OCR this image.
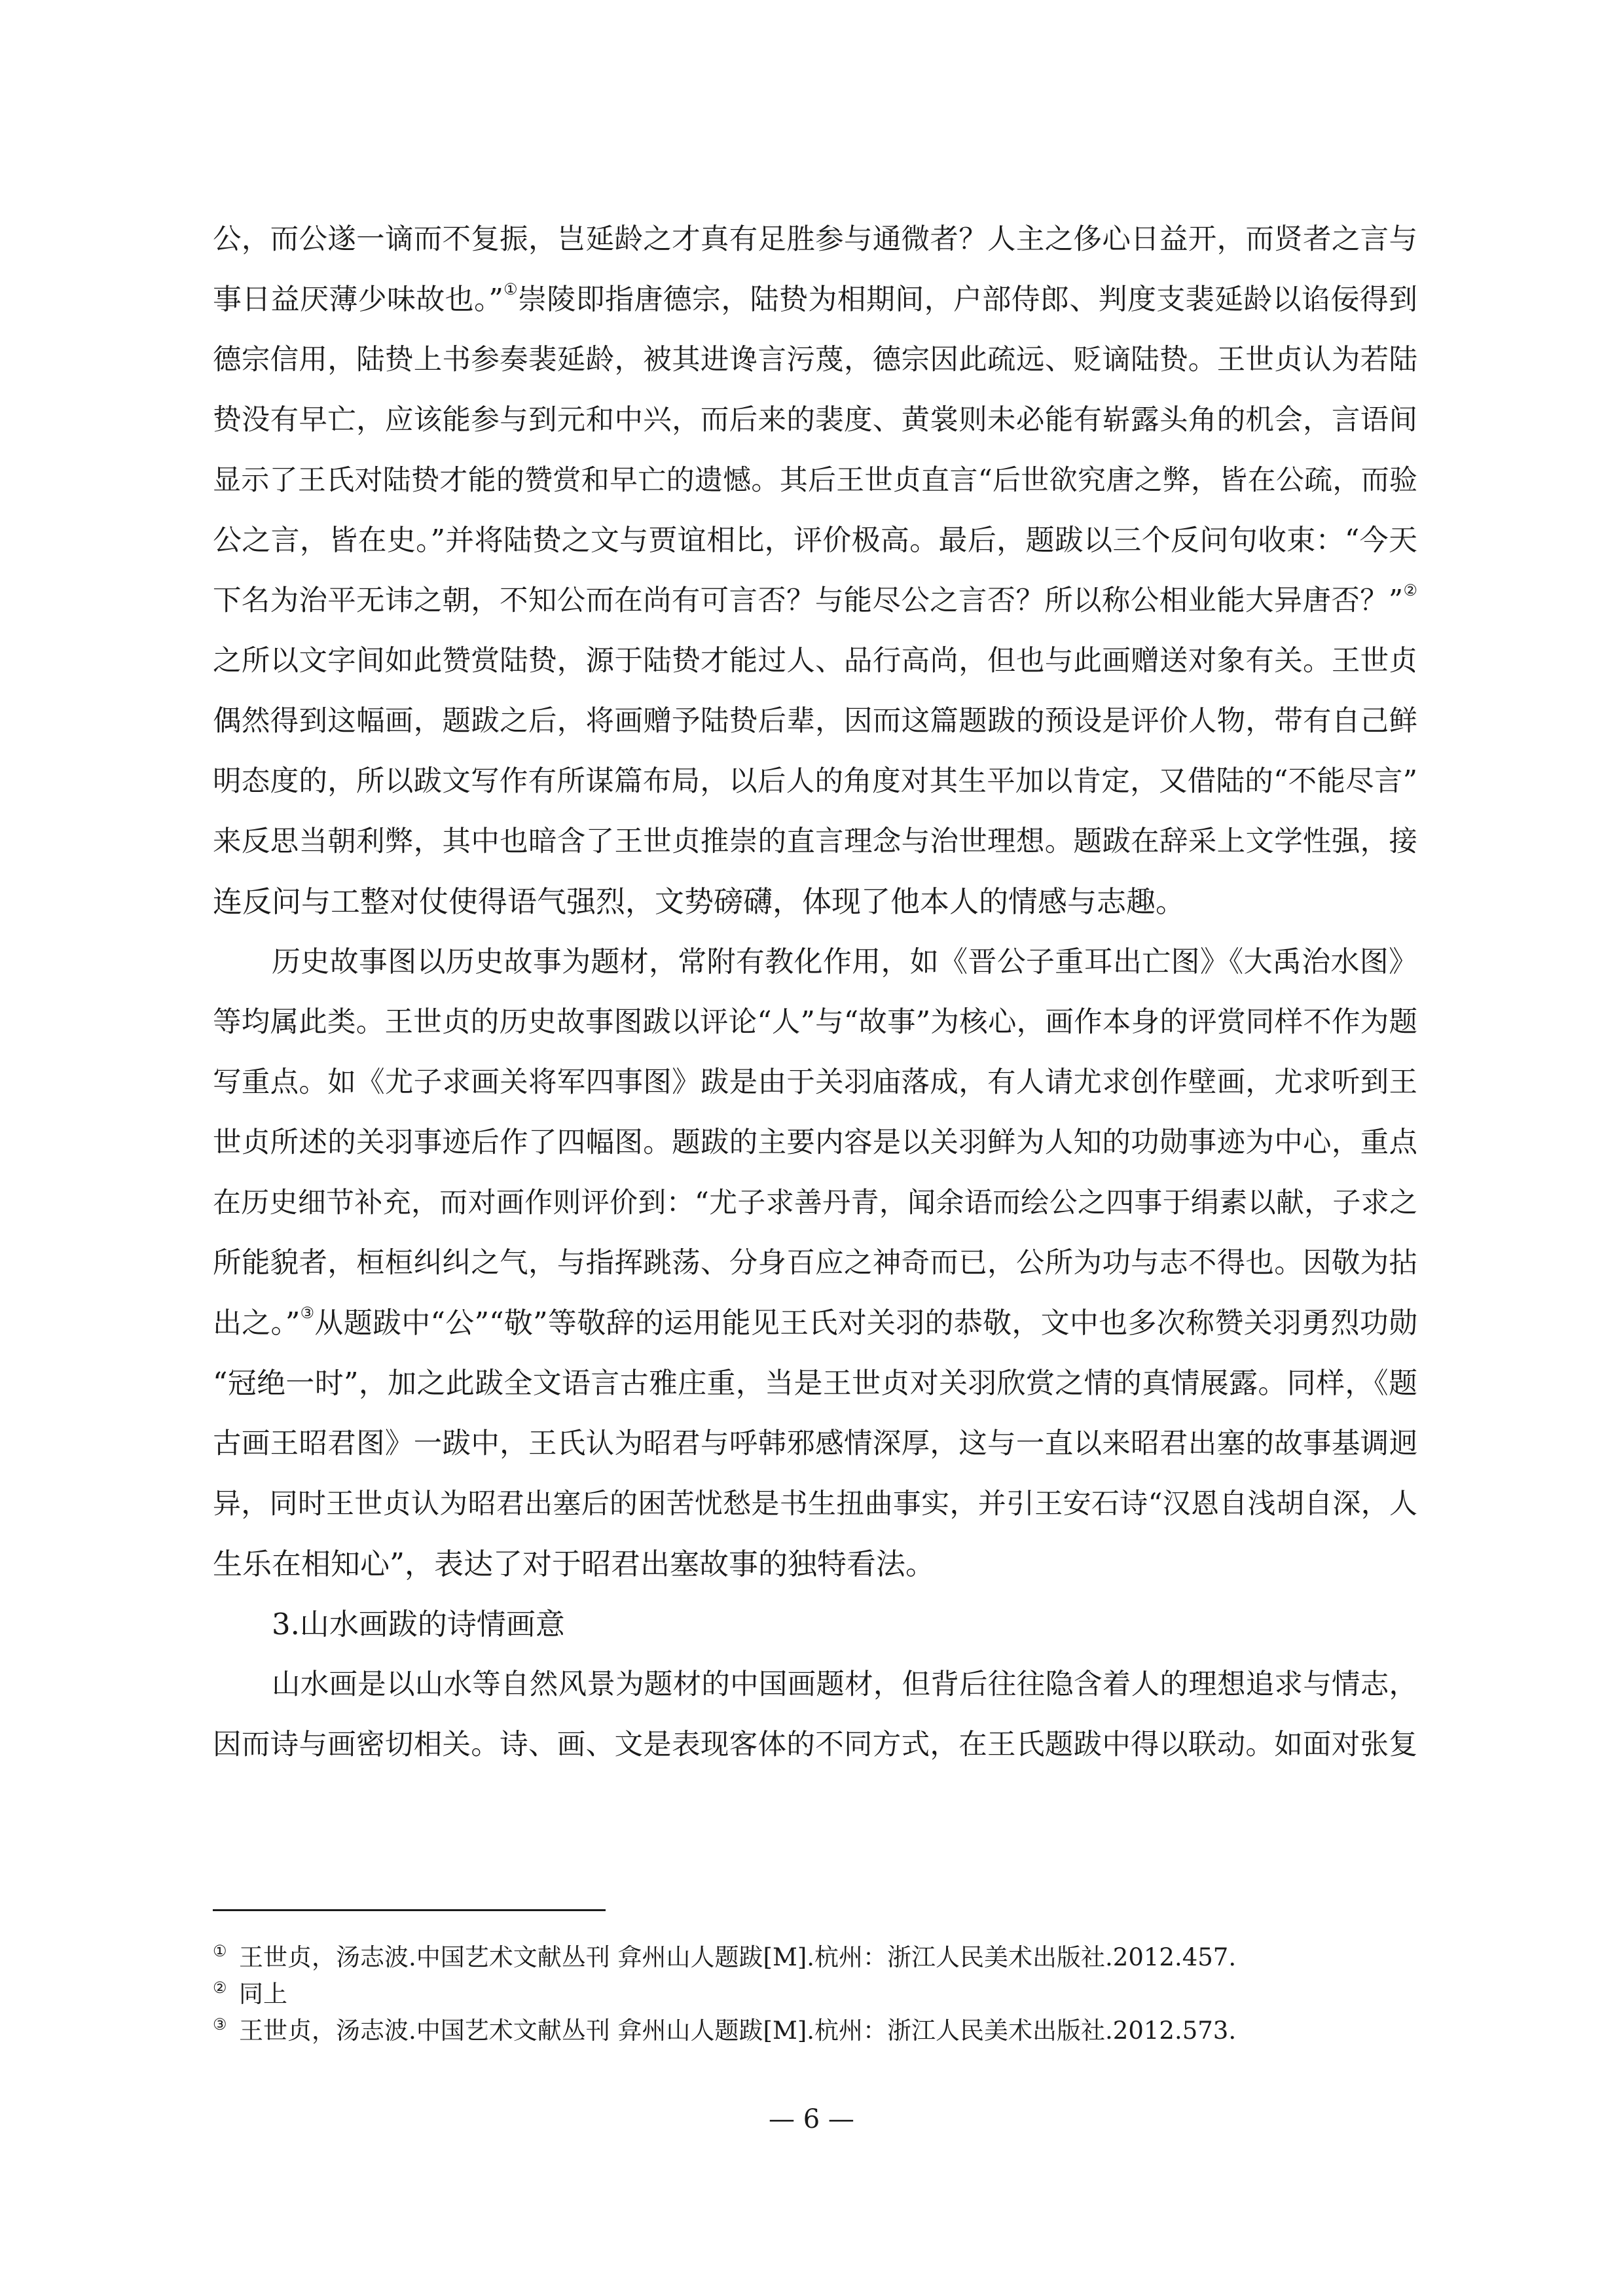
公，而公遂一谪而不复振，岂延龄之才真有足胜参与通微者？人主之侈心日益开，而贤者之言与
事日益厌薄少味故也。”①崇陵即指唐德宗，陆贽为相期间，户部侍郎、判度支裴延龄以谄佞得到
德宗信用，陆贽上书参奏裴延龄，被其进谗言污蔑，德宗因此疏远、贬谪陆贽。王世贞认为若陆
贽没有早亡，应该能参与到元和中兴，而后来的裴度、黄裳则未必能有崭露头角的机会，言语间
显示了王氏对陆贽才能的赞赏和早亡的遗憾。其后王世贞直言“后世欲究唐之弊，皆在公疏，而验
公之言，皆在史。”并将陆贽之文与贾谊相比，评价极高。最后，题跋以三个反问句收束：“今天
下名为治平无讳之朝，不知公而在尚有可言否？与能尽公之言否？所以称公相业能大异唐否？”②
之所以文字间如此赞赏陆贽，源于陆贽才能过人、品行高尚，但也与此画赠送对象有关。王世贞
偶然得到这幅画，题跋之后，将画赠予陆贽后辈，因而这篇题跋的预设是评价人物，带有自己鲜
明态度的，所以跋文写作有所谋篇布局，以后人的角度对其生平加以肯定，又借陆的“不能尽言”
来反思当朝利弊，其中也暗含了王世贞推崇的直言理念与治世理想。题跋在辞采上文学性强，接
连反问与工整对仗使得语气强烈，文势磅礴，体现了他本人的情感与志趣。
历史故事图以历史故事为题材，常附有教化作用，如《晋公子重耳出亡图》《大禹治水图》
等均属此类。王世贞的历史故事图跋以评论“人”与“故事”为核心，画作本身的评赏同样不作为题
写重点。如《尤子求画关将军四事图》跋是由于关羽庙落成，有人请尤求创作壁画，尤求听到王
世贞所述的关羽事迹后作了四幅图。题跋的主要内容是以关羽鲜为人知的功勋事迹为中心，重点
在历史细节补充，而对画作则评价到：“尤子求善丹青，闻余语而绘公之四事于绢素以献，子求之
所能貌者，桓桓纠纠之气，与指挥跳荡、分身百应之神奇而已，公所为功与志不得也。因敬为拈
出之。”③从题跋中“公”“敬”等敬辞的运用能见王氏对关羽的恭敬，文中也多次称赞关羽勇烈功勋
“冠绝一时”，加之此跋全文语言古雅庄重，当是王世贞对关羽欣赏之情的真情展露。同样，《题
古画王昭君图》一跋中，王氏认为昭君与呼韩邪感情深厚，这与一直以来昭君出塞的故事基调迥
异，同时王世贞认为昭君出塞后的困苦忧愁是书生扭曲事实，并引王安石诗“汉恩自浅胡自深，人
生乐在相知心”，表达了对于昭君出塞故事的独特看法。
3.山水画跋的诗情画意
山水画是以山水等自然风景为题材的中国画题材，但背后往往隐含着人的理想追求与情志，
因而诗与画密切相关。诗、画、文是表现客体的不同方式，在王氏题跋中得以联动。如面对张复
① 王世贞，汤志波.中国艺术文献丛刊 弇州山人题跋[M].杭州：浙江人民美术出版社.2012.457.
② 同上
③ 王世贞，汤志波.中国艺术文献丛刊 弇州山人题跋[M].杭州：浙江人民美术出版社.2012.573.
— 6 —
